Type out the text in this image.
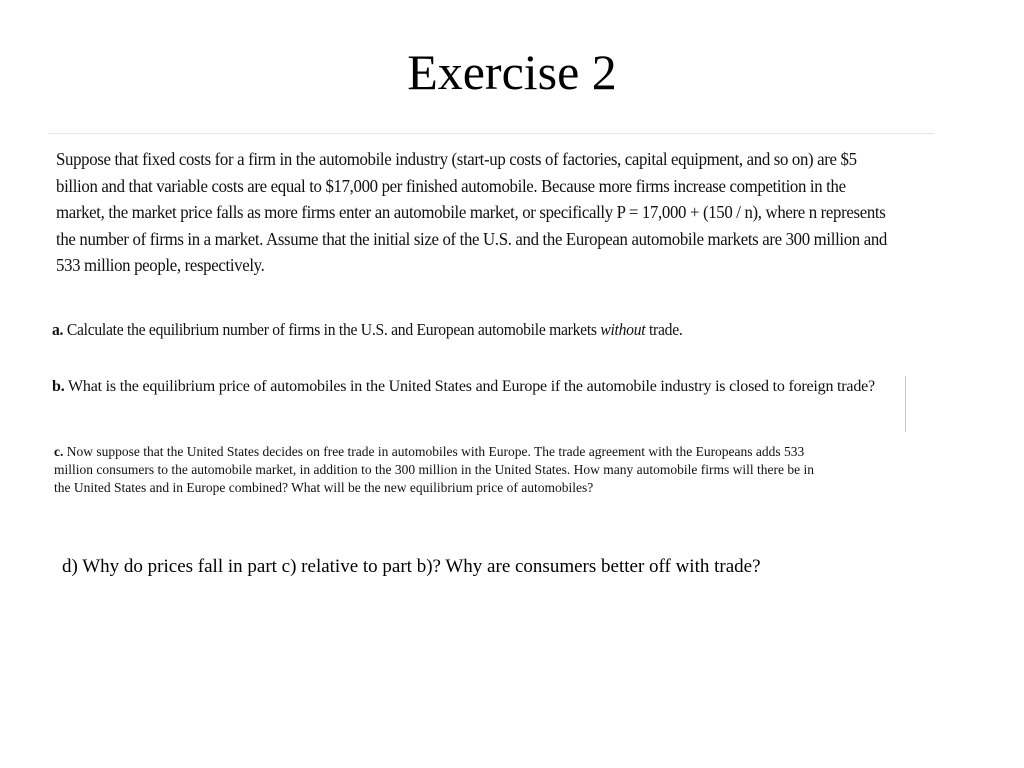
Exercise 2
Suppose that fixed costs for a firm in the automobile industry (start-up costs of factories, capital equipment, and so on) are $5 billion and that variable costs are equal to $17,000 per finished automobile. Because more firms increase competition in the market, the market price falls as more firms enter an automobile market, or specifically P = 17,000 + (150 / n), where n represents the number of firms in a market. Assume that the initial size of the U.S. and the European automobile markets are 300 million and 533 million people, respectively.
a. Calculate the equilibrium number of firms in the U.S. and European automobile markets without trade.
b. What is the equilibrium price of automobiles in the United States and Europe if the automobile industry is closed to foreign trade?
c. Now suppose that the United States decides on free trade in automobiles with Europe. The trade agreement with the Europeans adds 533 million consumers to the automobile market, in addition to the 300 million in the United States. How many automobile firms will there be in the United States and in Europe combined? What will be the new equilibrium price of automobiles?
d) Why do prices fall in part c) relative to part b)? Why are consumers better off with trade?
